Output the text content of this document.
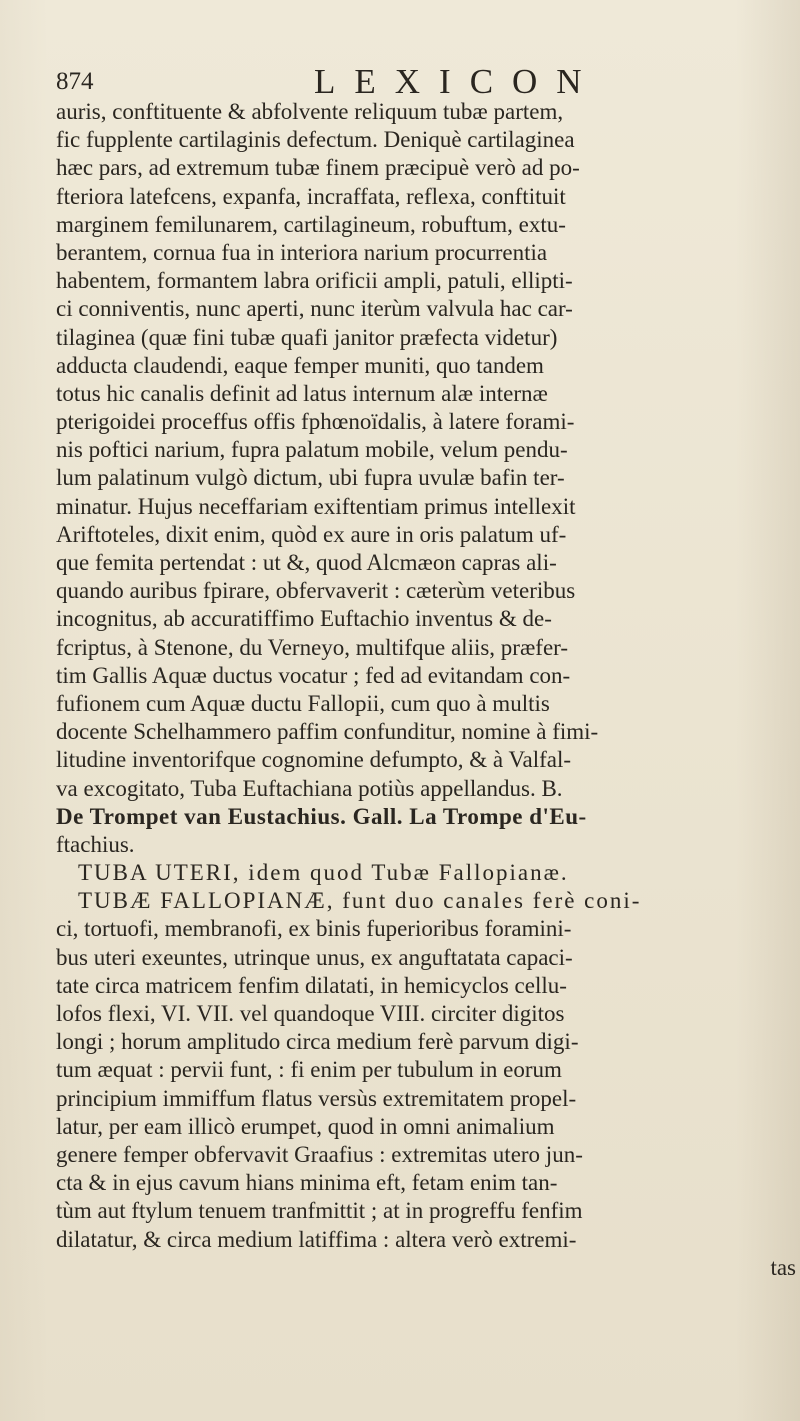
874	LEXICON
auris, conftituente & abfolvente reliquum tubæ partem,
fic fupplente cartilaginis defectum. Deniquè cartilaginea
hæc pars, ad extremum tubæ finem præcipuè verò ad po-
fteriora latefcens, expanfa, incraffata, reflexa, conftituit
marginem femilunarem, cartilagineum, robuftum, extu-
berantem, cornua fua in interiora narium procurrentia
habentem, formantem labra orificii ampli, patuli, ellipti-
ci conniventis, nunc aperti, nunc iterùm valvula hac car-
tilaginea (quæ fini tubæ quafi janitor præfecta videtur)
adducta claudendi, eaque femper muniti, quo tandem
totus hic canalis definit ad latus internum alæ internæ
pterigoidei proceffus offis fphœnoïdalis, à latere forami-
nis poftici narium, fupra palatum mobile, velum pendu-
lum palatinum vulgò dictum, ubi fupra uvulæ bafin ter-
minatur. Hujus neceffariam exiftentiam primus intellexit
Ariftoteles, dixit enim, quòd ex aure in oris palatum uf-
que femita pertendat : ut &, quod Alcmæon capras ali-
quando auribus fpirare, obfervaverit : cæterùm veteribus
incognitus, ab accuratiffimo Euftachio inventus & de-
fcriptus, à Stenone, du Verneyo, multifque aliis, præfer-
tim Gallis Aquæ ductus vocatur ; fed ad evitandam con-
fufionem cum Aquæ ductu Fallopii, cum quo à multis
docente Schelhammero paffim confunditur, nomine à fimi-
litudine inventorifque cognomine defumpto, & à Valfal-
va excogitato, Tuba Euftachiana potiùs appellandus. B.
De Trompet van Eustachius. Gall. La Trompe d'Eu-
ftachius.
TUBA UTERI, idem quod Tubæ Fallopianæ.
TUBÆ FALLOPIANÆ, funt duo canales ferè coni-
ci, tortuofi, membranofi, ex binis fuperioribus foramini-
bus uteri exeuntes, utrinque unus, ex anguftatata capaci-
tate circa matricem fenfim dilatati, in hemicyclos cellu-
lofos flexi, VI. VII. vel quandoque VIII. circiter digitos
longi ; horum amplitudo circa medium ferè parvum digi-
tum æquat : pervii funt, : fi enim per tubulum in eorum
principium immiffum flatus versùs extremitatem propel-
latur, per eam illicò erumpet, quod in omni animalium
genere femper obfervavit Graafius : extremitas utero jun-
cta & in ejus cavum hians minima eft, fetam enim tan-
tùm aut ftylum tenuem tranfmittit ; at in progreffu fenfim
dilatatur, & circa medium latiffima : altera verò extremi-
tas
